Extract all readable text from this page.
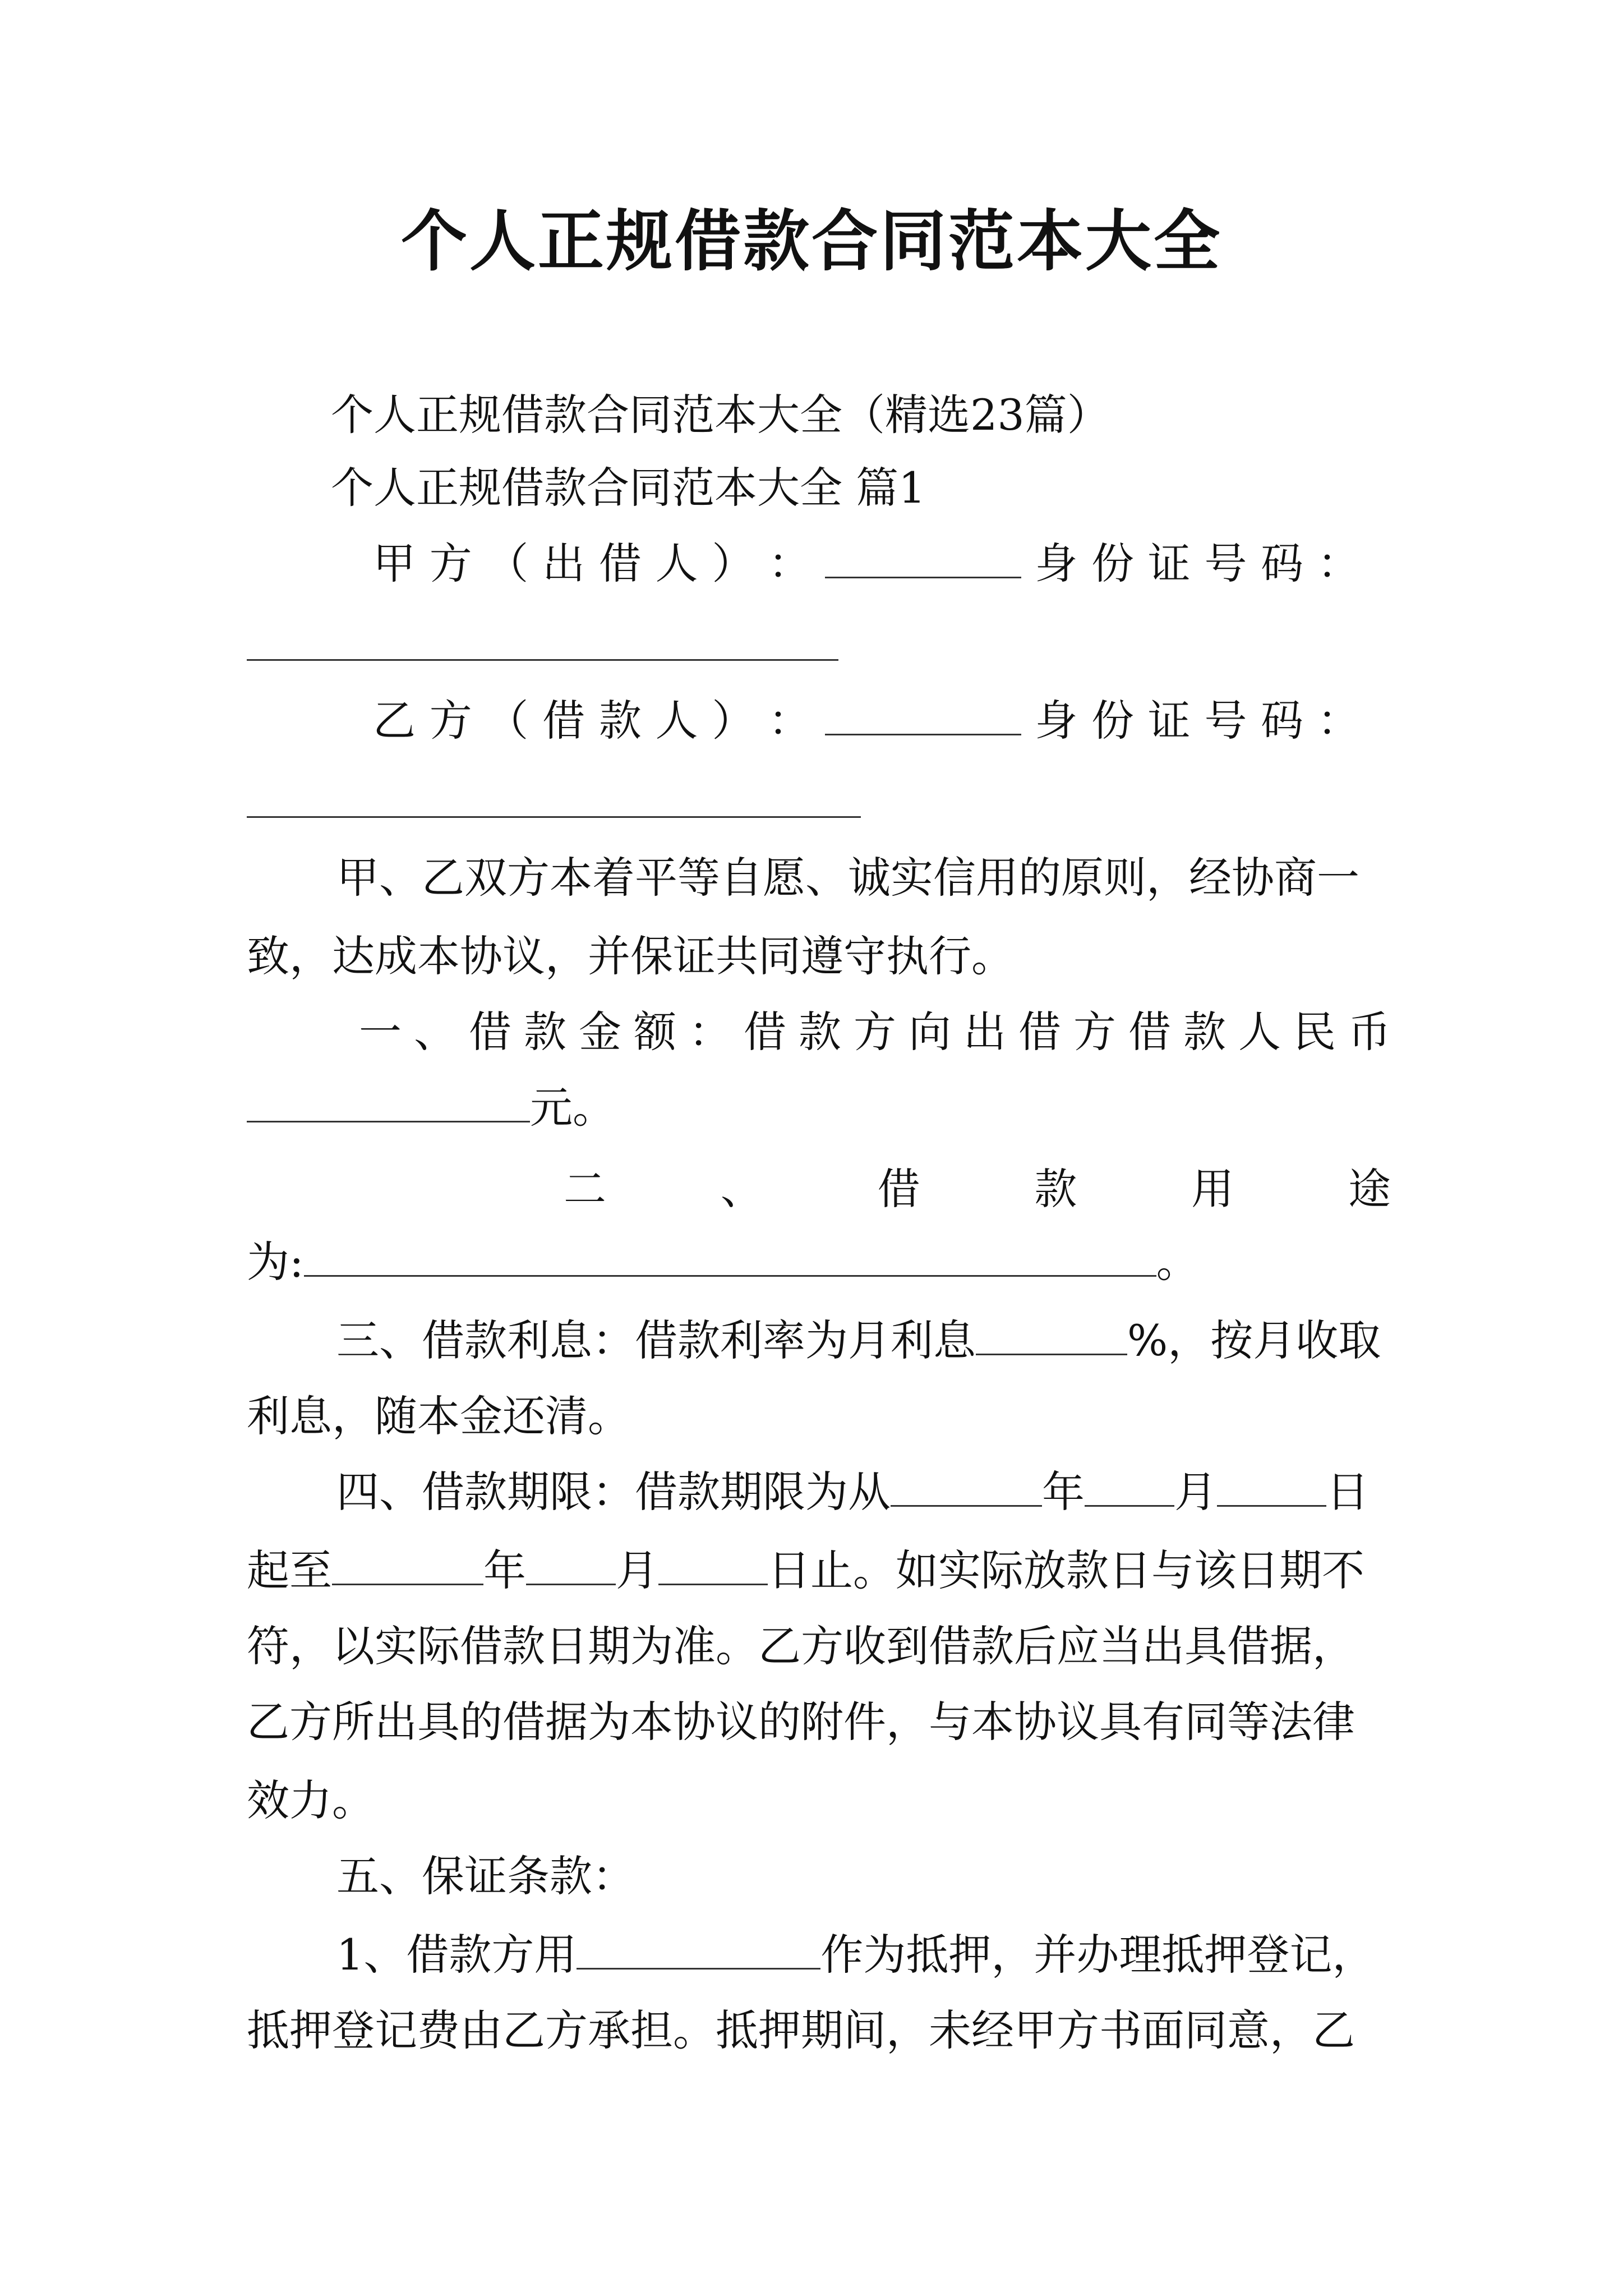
个人正规借款合同范本大全
个人正规借款合同范本大全（精选23篇）
个人正规借款合同范本大全 篇1
甲 方 （ 出 借 人 ） ：	身 份 证 号 码 ：
乙 方 （ 借 款 人 ） ：	身 份 证 号 码 ：
甲、乙双方本着平等自愿、诚实信用的原则，经协商一
致，达成本协议，并保证共同遵守执行。
一 、 借 款 金 额 ： 借 款 方 向 出 借 方 借 款 人 民 币
元。
二	、	借	款	用	途
为:	。
三、借款利息：借款利率为月利息	%，按月收取
利息，随本金还清。
四、借款期限：借款期限为从	年 月	日
起至	年 月	日止。如实际放款日与该日期不
符，以实际借款日期为准。乙方收到借款后应当出具借据，
乙方所出具的借据为本协议的附件，与本协议具有同等法律
效力。
五、保证条款：
1、借款方用	作为抵押，并办理抵押登记，
抵押登记费由乙方承担。抵押期间，未经甲方书面同意，乙
